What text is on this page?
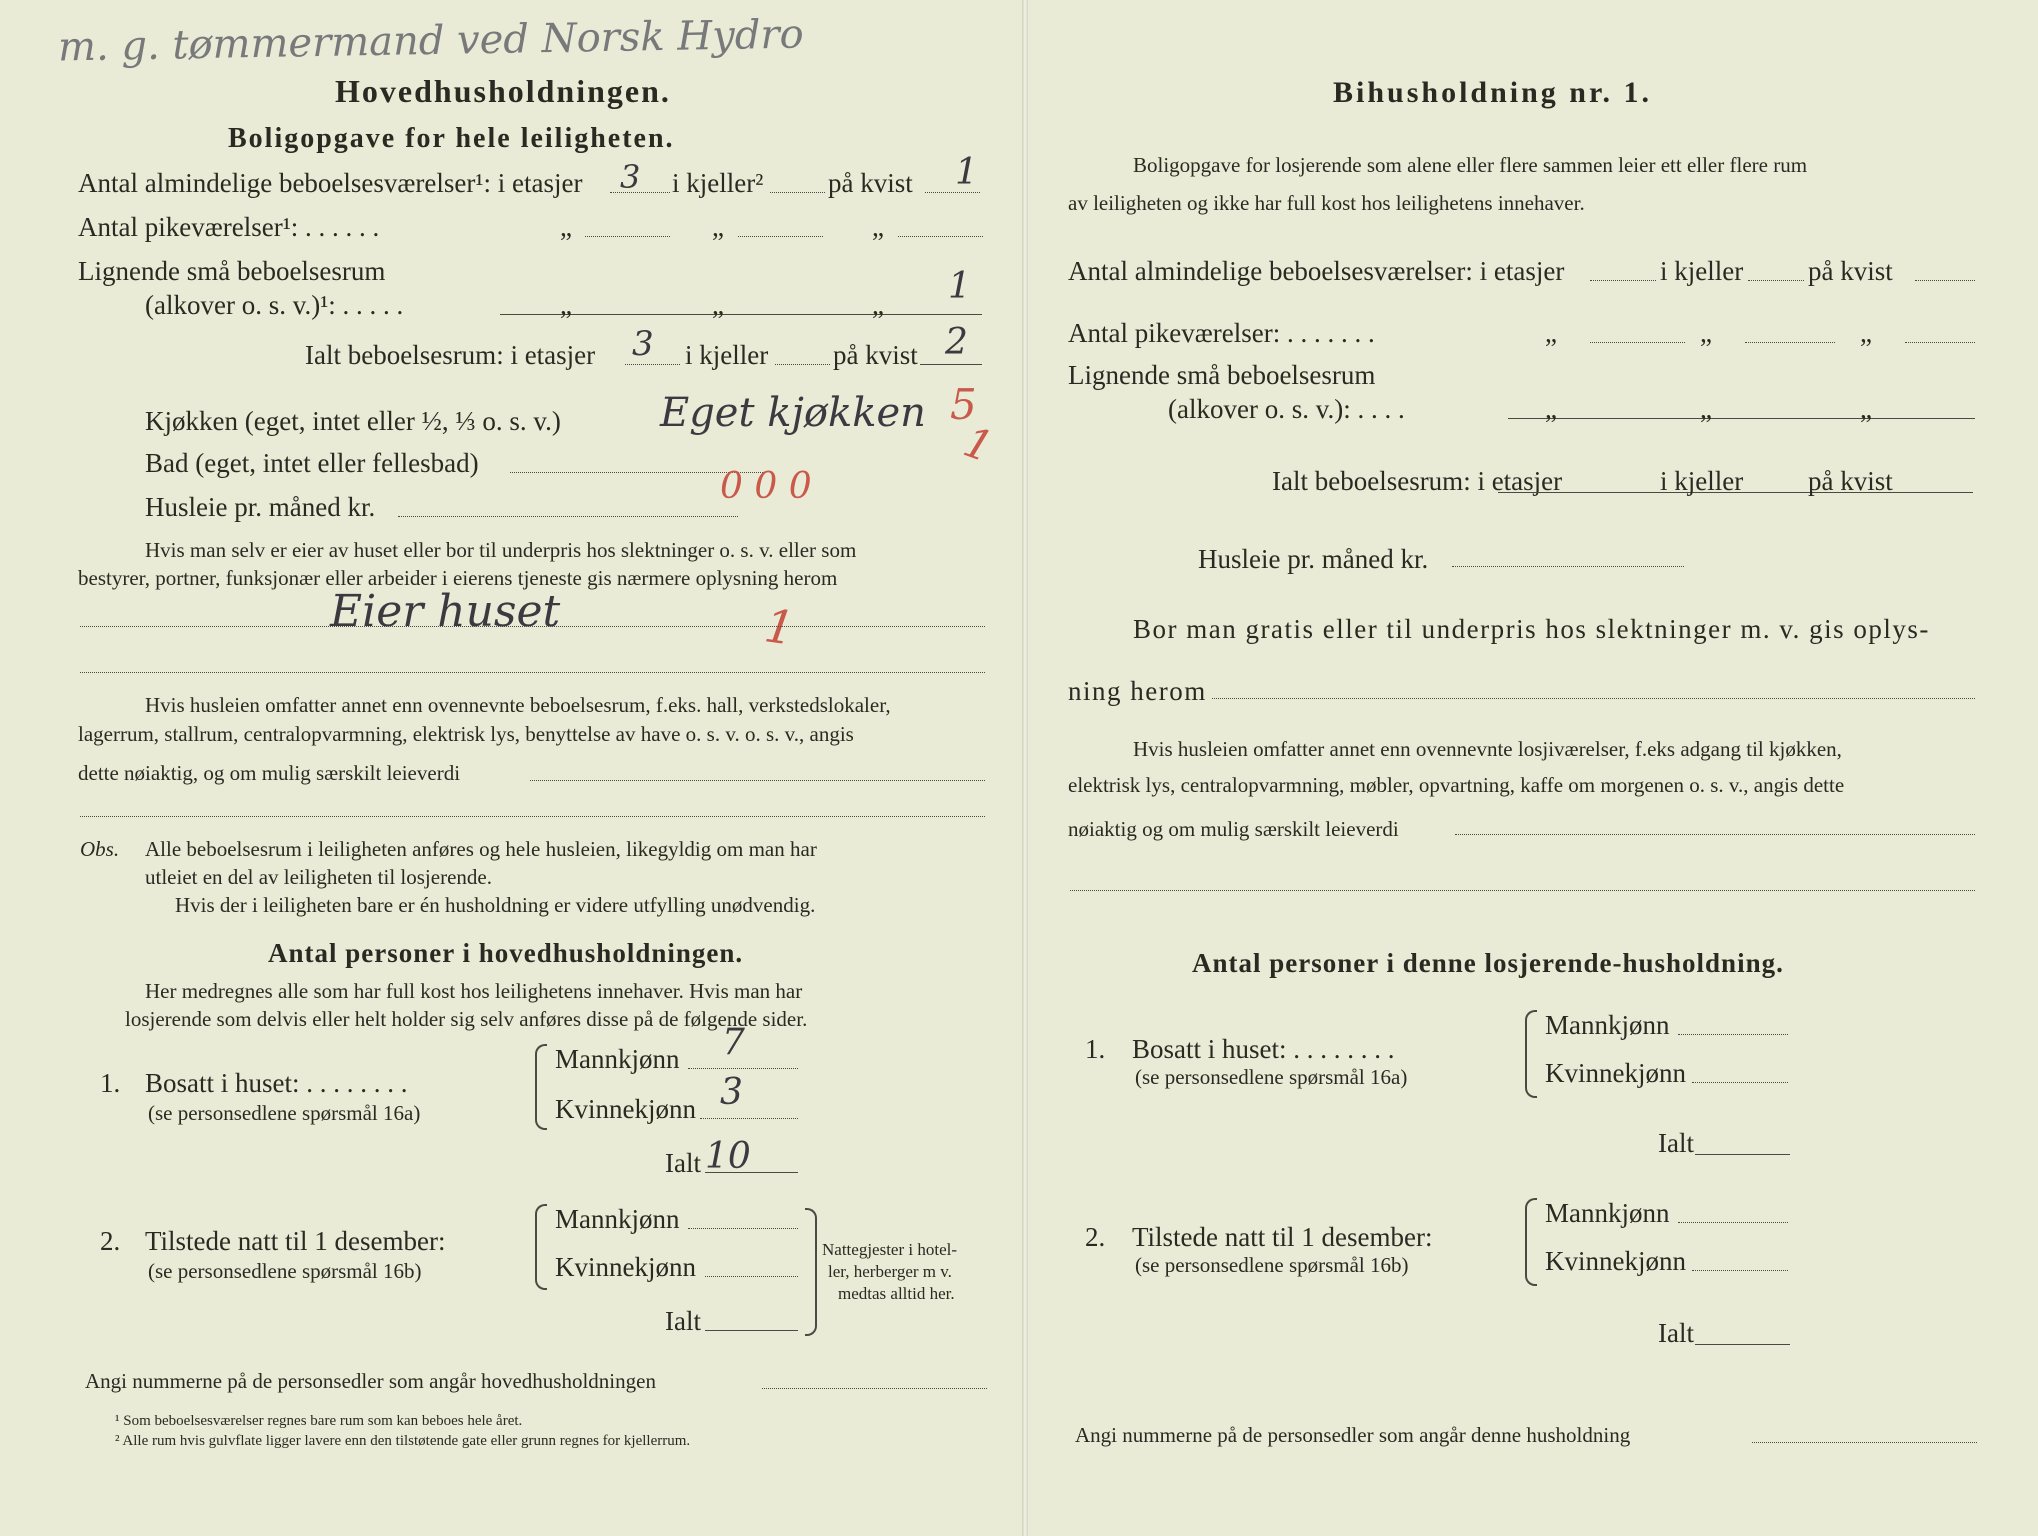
m. g. tømmermand ved Norsk Hydro
Hovedhusholdningen.
Boligopgave for hele leiligheten.
Antal almindelige beboelsesværelser¹: i etasjer 3 i kjeller² på kvist 1
Antal pikeværelser¹: . . . . . .	„	„	„
Lignende små beboelsesrum
(alkover o. s. v.)¹: . . . . .	„	„	„ 1
Ialt beboelsesrum: i etasjer 3 i kjeller på kvist 2
Kjøkken (eget, intet eller ½, ⅓ o. s. v.) Eget kjøkken 5
1
Bad (eget, intet eller fellesbad)
Husleie pr. måned kr.	0 0 0
Hvis man selv er eier av huset eller bor til underpris hos slektninger o. s. v. eller som
bestyrer, portner, funksjonær eller arbeider i eierens tjeneste gis nærmere oplysning herom
Eier huset	1
Hvis husleien omfatter annet enn ovennevnte beboelsesrum, f.eks. hall, verkstedslokaler,
lagerrum, stallrum, centralopvarmning, elektrisk lys, benyttelse av have o. s. v. o. s. v., angis
dette nøiaktig, og om mulig særskilt leieverdi
Obs. Alle beboelsesrum i leiligheten anføres og hele husleien, likegyldig om man har
utleiet en del av leiligheten til losjerende.
Hvis der i leiligheten bare er én husholdning er videre utfylling unødvendig.
Antal personer i hovedhusholdningen.
Her medregnes alle som har full kost hos leilighetens innehaver. Hvis man har
losjerende som delvis eller helt holder sig selv anføres disse på de følgende sider.
1. Bosatt i huset: . . . . . . . .
(se personsedlene spørsmål 16a)
Mannkjønn 7
Kvinnekjønn 3
Ialt 10
2. Tilstede natt til 1 desember:
(se personsedlene spørsmål 16b)
Mannkjønn
Kvinnekjønn
Ialt
Nattegjester i hotel-
ler, herberger m v.
medtas alltid her.
Angi nummerne på de personsedler som angår hovedhusholdningen
¹ Som beboelsesværelser regnes bare rum som kan beboes hele året.
² Alle rum hvis gulvflate ligger lavere enn den tilstøtende gate eller grunn regnes for kjellerrum.
Bihusholdning nr. 1.
Boligopgave for losjerende som alene eller flere sammen leier ett eller flere rum
av leiligheten og ikke har full kost hos leilighetens innehaver.
Antal almindelige beboelsesværelser: i etasjer	i kjeller på kvist
Antal pikeværelser: . . . . . . .	„	„	„
Lignende små beboelsesrum
(alkover o. s. v.): . . . .	„	„	„
Ialt beboelsesrum: i etasjer	i kjeller på kvist
Husleie pr. måned kr.
Bor man gratis eller til underpris hos slektninger m. v. gis oplys-
ning herom
Hvis husleien omfatter annet enn ovennevnte losjiværelser, f.eks adgang til kjøkken,
elektrisk lys, centralopvarmning, møbler, opvartning, kaffe om morgenen o. s. v., angis dette
nøiaktig og om mulig særskilt leieverdi
Antal personer i denne losjerende-husholdning.
1. Bosatt i huset: . . . . . . . .
(se personsedlene spørsmål 16a)
Mannkjønn
Kvinnekjønn
Ialt
2. Tilstede natt til 1 desember:
(se personsedlene spørsmål 16b)
Mannkjønn
Kvinnekjønn
Ialt
Angi nummerne på de personsedler som angår denne husholdning
